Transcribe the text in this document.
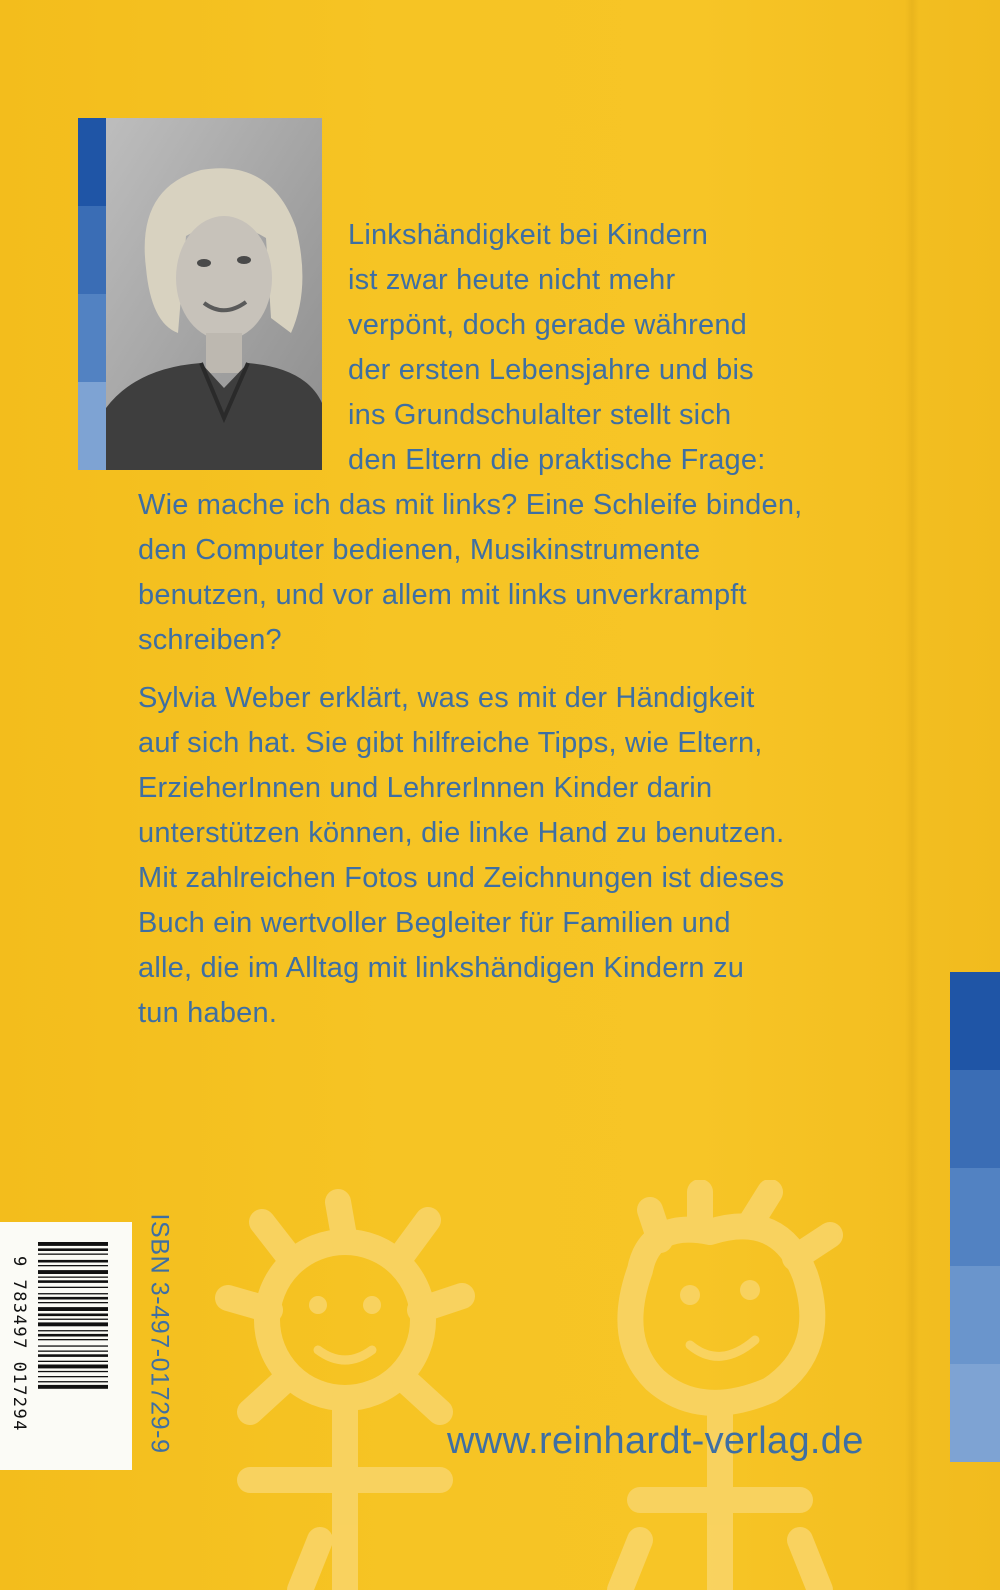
Linkshändigkeit bei Kindern
ist zwar heute nicht mehr
verpönt, doch gerade während
der ersten Lebensjahre und bis
ins Grundschulalter stellt sich
den Eltern die praktische Frage:

Wie mache ich das mit links? Eine Schleife binden,
den Computer bedienen, Musikinstrumente
benutzen, und vor allem mit links unverkrampft
schreiben?

Sylvia Weber erklärt, was es mit der Händigkeit
auf sich hat. Sie gibt hilfreiche Tipps, wie Eltern,
ErzieherInnen und LehrerInnen Kinder darin
unterstützen können, die linke Hand zu benutzen.
Mit zahlreichen Fotos und Zeichnungen ist dieses
Buch ein wertvoller Begleiter für Familien und
alle, die im Alltag mit linkshändigen Kindern zu
tun haben.

9 783497 017294	ISBN 3-497-01729-9	www.reinhardt-verlag.de
